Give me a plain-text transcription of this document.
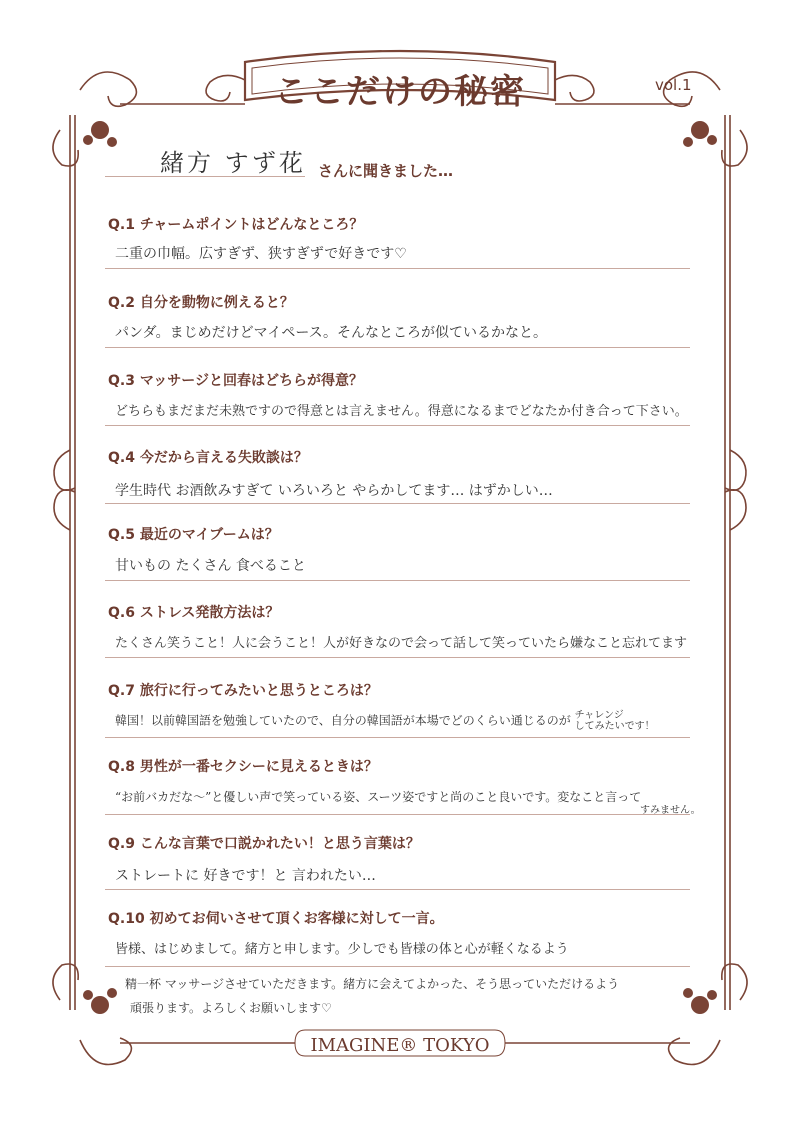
ここだけの秘密	vol.1
緒方 すず花 さんに聞きました…
Q.1 チャームポイントはどんなところ？
二重の巾幅。広すぎず、狭すぎずで好きです♡
Q.2 自分を動物に例えると？
パンダ。まじめだけどマイペース。そんなところが似ているかなと。
Q.3 マッサージと回春はどちらが得意？
どちらもまだまだ未熟ですので得意とは言えません。得意になるまでどなたか付き合って下さい。
Q.4 今だから言える失敗談は？
学生時代 お酒飲みすぎて いろいろと やらかしてます… はずかしい…
Q.5 最近のマイブームは？
甘いもの たくさん 食べること
Q.6 ストレス発散方法は？
たくさん笑うこと！人に会うこと！人が好きなので会って話して笑っていたら嫌なこと忘れてます
Q.7 旅行に行ってみたいと思うところは？
韓国！以前韓国語を勉強していたので、自分の韓国語が本場でどのくらい通じるのが チャレンジ
してみたいです！
Q.8 男性が一番セクシーに見えるときは？
“お前バカだな～”と優しい声で笑っている姿、スーツ姿ですと尚のこと良いです。変なこと言って
すみません。
Q.9 こんな言葉で口説かれたい！と思う言葉は？
ストレートに 好きです！と 言われたい…
Q.10 初めてお伺いさせて頂くお客様に対して一言。
皆様、はじめまして。緒方と申します。少しでも皆様の体と心が軽くなるよう
精一杯 マッサージさせていただきます。緒方に会えてよかった、そう思っていただけるよう
頑張ります。よろしくお願いします♡
IMAGINE® TOKYO
